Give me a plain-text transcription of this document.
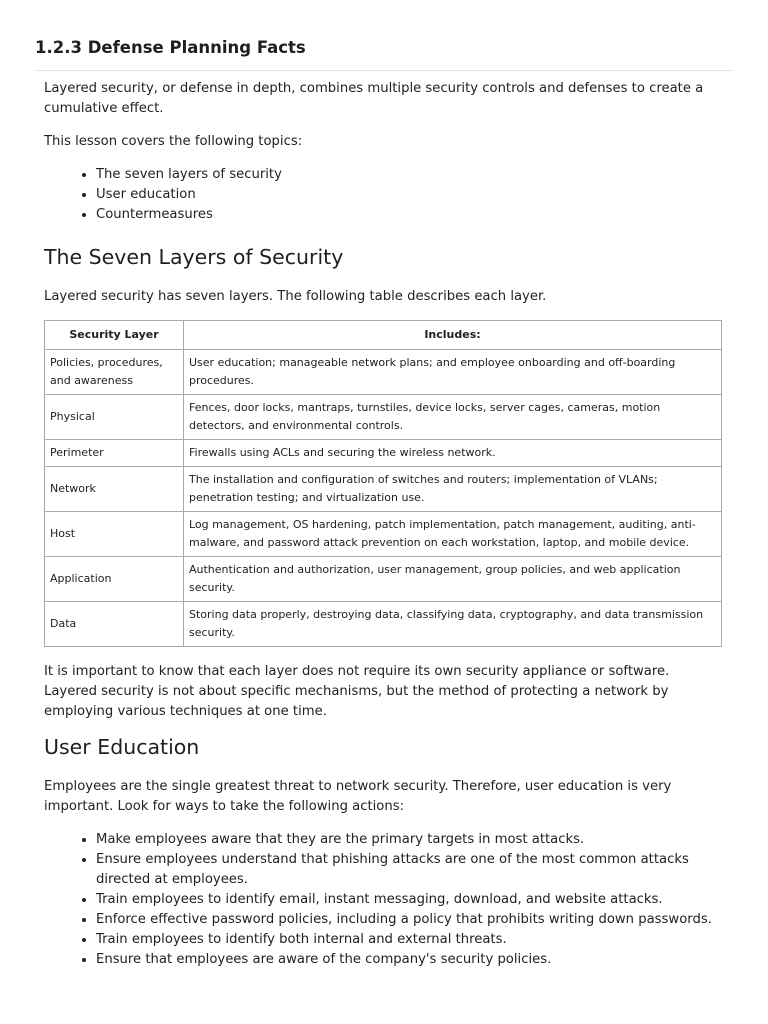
1.2.3 Defense Planning Facts

Layered security, or defense in depth, combines multiple security controls and defenses to create a cumulative effect.

This lesson covers the following topics:

• The seven layers of security
• User education
• Countermeasures
The Seven Layers of Security

Layered security has seven layers. The following table describes each layer.

Security Layer	Includes:
Policies, procedures, and awareness	User education; manageable network plans; and employee onboarding and off-boarding procedures.
Physical	Fences, door locks, mantraps, turnstiles, device locks, server cages, cameras, motion detectors, and environmental controls.
Perimeter	Firewalls using ACLs and securing the wireless network.
Network	The installation and configuration of switches and routers; implementation of VLANs; penetration testing; and virtualization use.
Host	Log management, OS hardening, patch implementation, patch management, auditing, anti-malware, and password attack prevention on each workstation, laptop, and mobile device.
Application	Authentication and authorization, user management, group policies, and web application security.
Data	Storing data properly, destroying data, classifying data, cryptography, and data transmission security.

It is important to know that each layer does not require its own security appliance or software. Layered security is not about specific mechanisms, but the method of protecting a network by employing various techniques at one time.

User Education

Employees are the single greatest threat to network security. Therefore, user education is very important. Look for ways to take the following actions:

• Make employees aware that they are the primary targets in most attacks.
• Ensure employees understand that phishing attacks are one of the most common attacks directed at employees.
• Train employees to identify email, instant messaging, download, and website attacks.
• Enforce effective password policies, including a policy that prohibits writing down passwords.
• Train employees to identify both internal and external threats.
• Ensure that employees are aware of the company's security policies.
